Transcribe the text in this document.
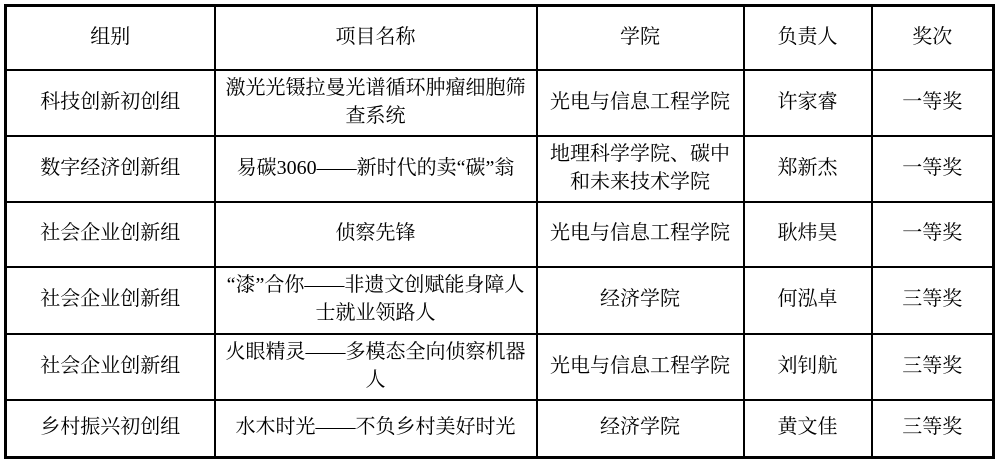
组别	项目名称	学院	负责人	奖次
科技创新初创组	激光光镊拉曼光谱循环肿瘤细胞筛查系统	光电与信息工程学院	许家睿	一等奖
数字经济创新组	易碳3060——新时代的卖“碳”翁	地理科学学院、碳中和未来技术学院	郑新杰	一等奖
社会企业创新组	侦察先锋	光电与信息工程学院	耿炜昊	一等奖
社会企业创新组	“漆”合你——非遗文创赋能身障人士就业领路人	经济学院	何泓卓	三等奖
社会企业创新组	火眼精灵——多模态全向侦察机器人	光电与信息工程学院	刘钊航	三等奖
乡村振兴初创组	水木时光——不负乡村美好时光	经济学院	黄文佳	三等奖
